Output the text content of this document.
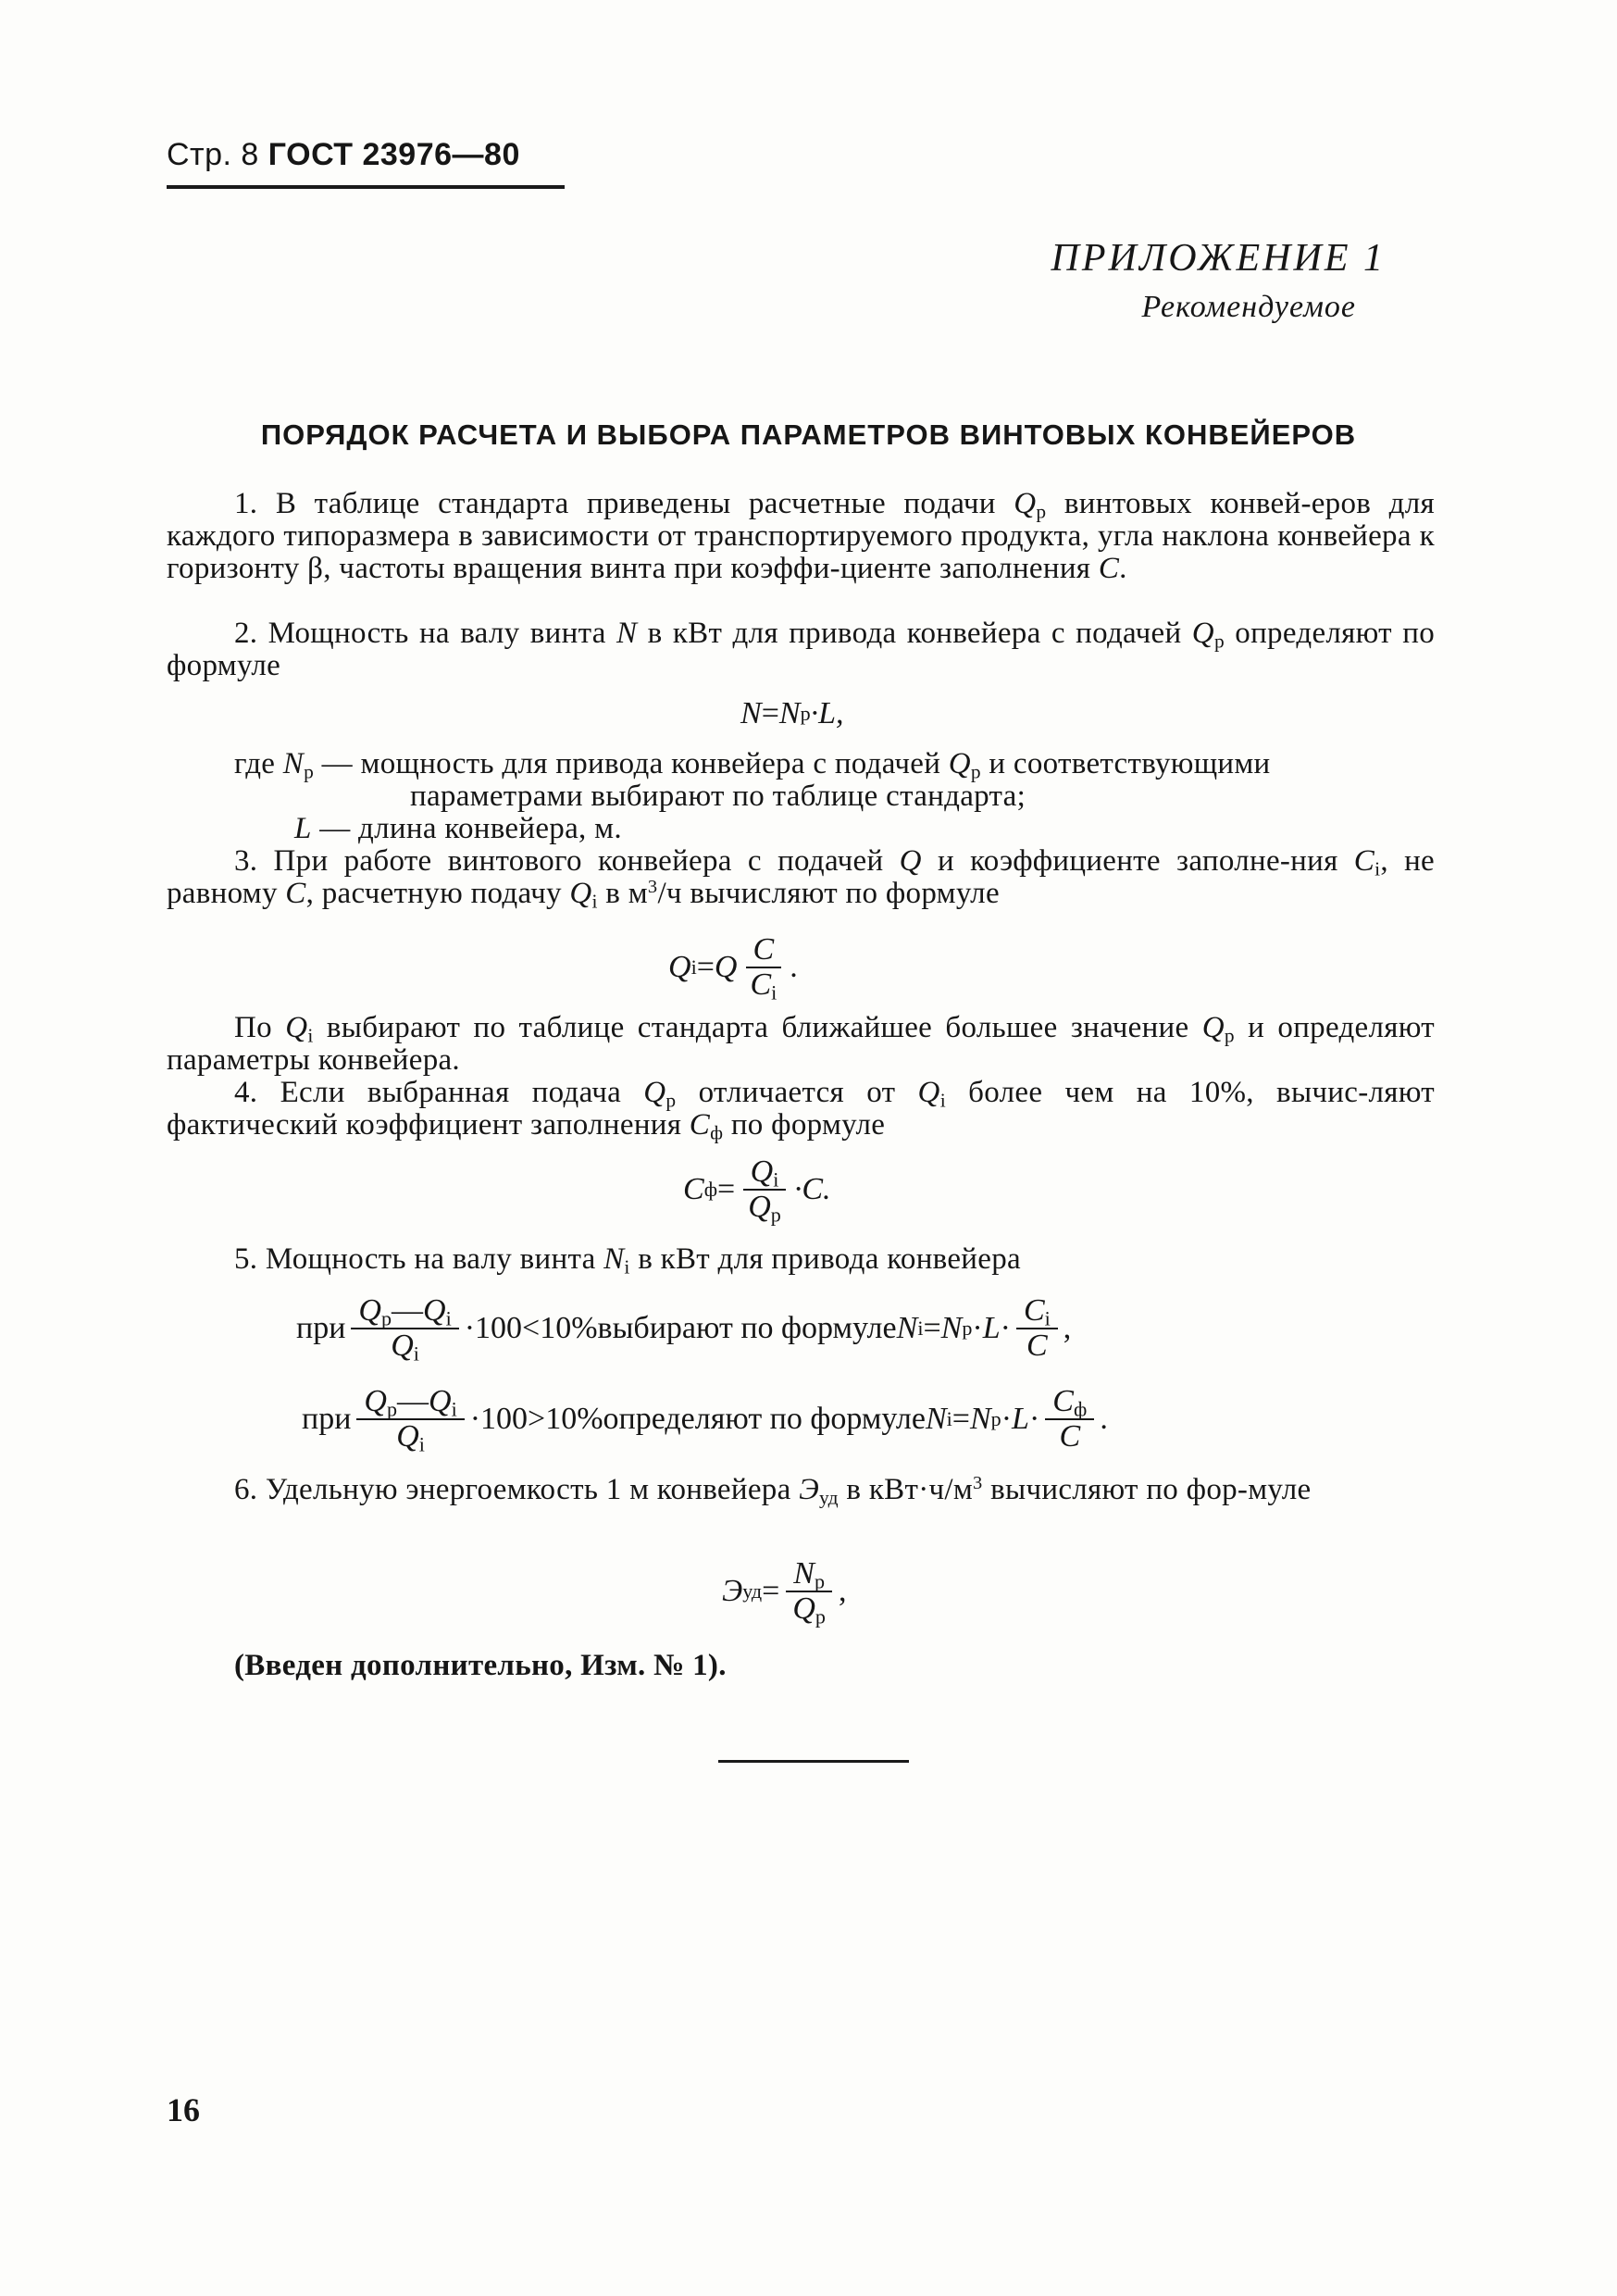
Стр. 8 ГОСТ 23976—80
ПРИЛОЖЕНИЕ 1
Рекомендуемое
ПОРЯДОК РАСЧЕТА И ВЫБОРА ПАРАМЕТРОВ ВИНТОВЫХ КОНВЕЙЕРОВ
1. В таблице стандарта приведены расчетные подачи $Q_р$ винтовых конвей-еров для каждого типоразмера в зависимости от транспортируемого продукта, угла наклона конвейера к горизонту β, частоты вращения винта при коэффи-циенте заполнения C.
2. Мощность на валу винта N в кВт для привода конвейера с подачей $Q_р$ определяют по формуле
N = N р ·L,
где $N_р$ — мощность для привода конвейера с подачей $Q_р$ и соответствующими
параметрами выбирают по таблице стандарта;
L — длина конвейера, м.
3. При работе винтового конвейера с подачей Q и коэффициенте заполне-ния $C_i$, не равному C, расчетную подачу $Q_i$ в $м^3/ч$ вычисляют по формуле
Q i = Q $\frac{C}{C_i}$ .
По $Q_i$ выбирают по таблице стандарта ближайшее большее значение $Q_р$ и определяют параметры конвейера.
4. Если выбранная подача $Q_р$ отличается от $Q_i$ более чем на 10%, вычис-ляют фактический коэффициент заполнения $C_ф$ по формуле
C $ф = \frac{Q_i}{Q_р} \cdot C$.
5. Мощность на валу винта $N_i$ в кВт для привода конвейера
при $\frac{Q_р—Q_i}{Q_i} \cdot 100<10\%$ выбирают по формуле N i = N $р \cdot L \cdot \frac{C_i}{C}$ ,
при $\frac{Q_р—Q_i}{Q_i} \cdot 100>10\%$ определяют по формуле N i = N $р \cdot L \cdot \frac{C_ф}{C}$ .
6. Удельную энергоемкость 1 м конвейера $Э_{уд}$ в $кВт\cdot ч/м^3$ вычисляют по фор-муле
Э уд = $\frac{N_р}{Q_р}$ ,
(Введен дополнительно, Изм. № 1).
16
